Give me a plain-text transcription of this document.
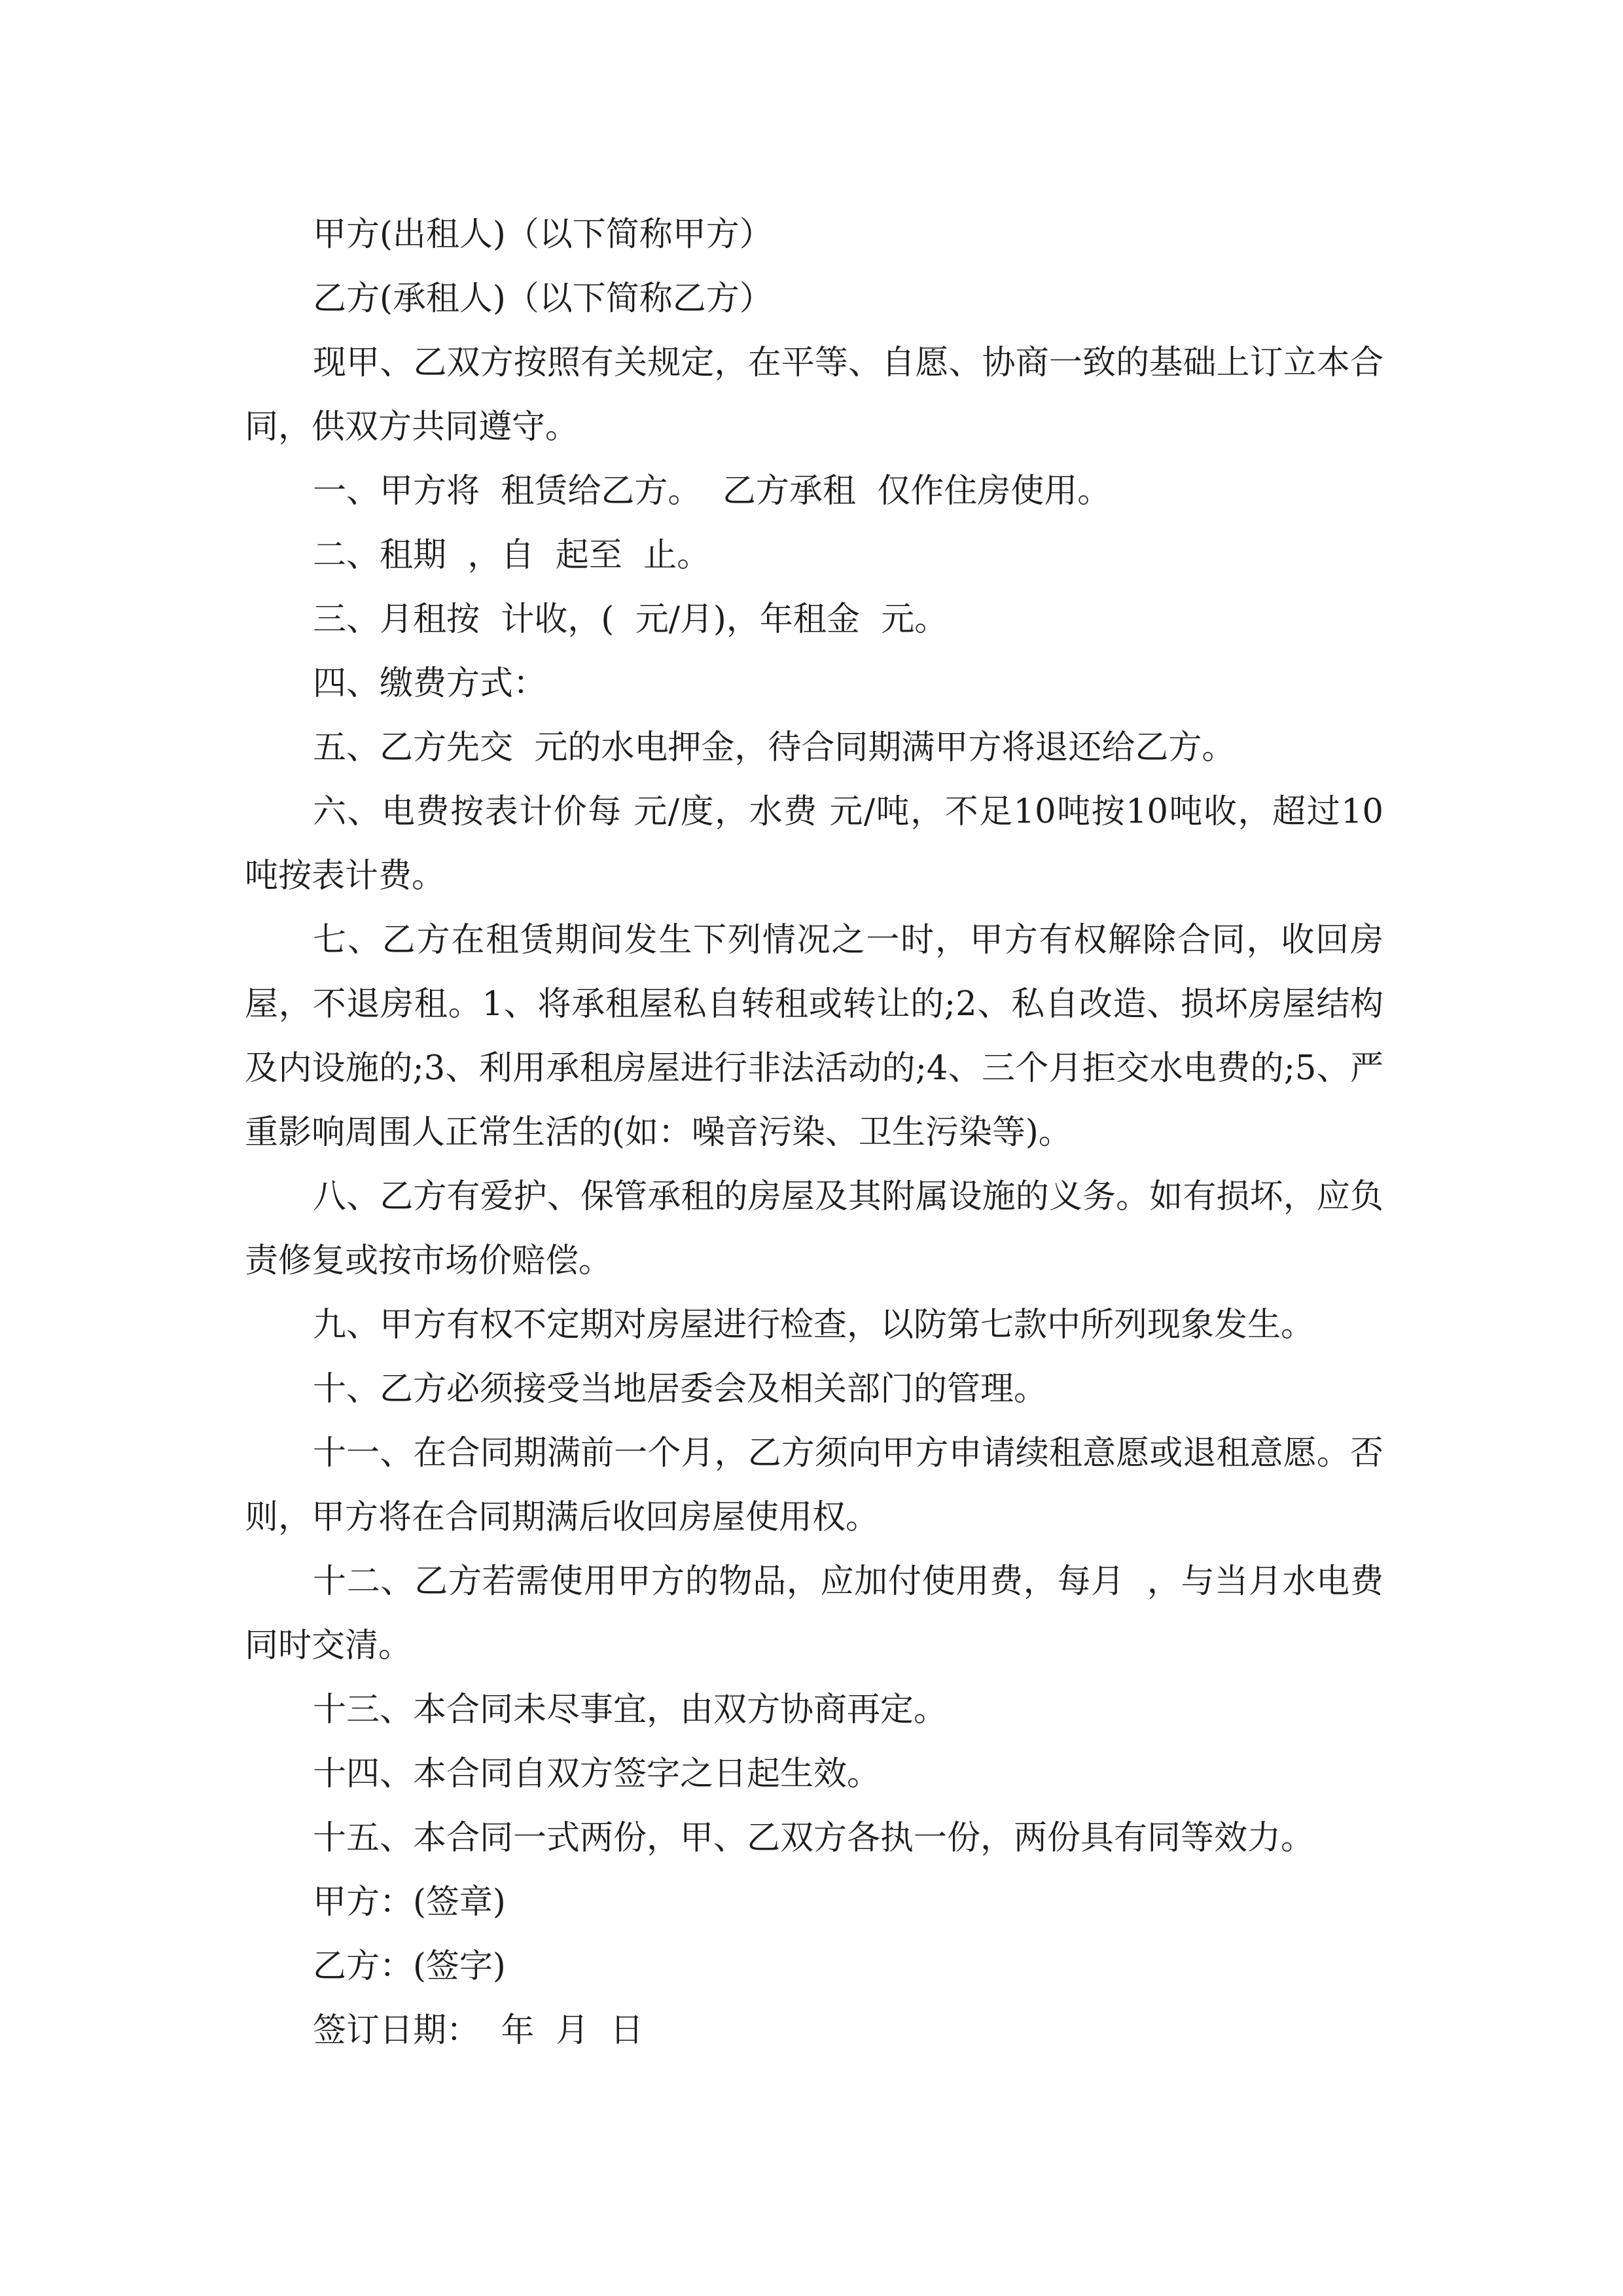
甲方(出租人)（以下简称甲方）

乙方(承租人)（以下简称乙方）

现甲、乙双方按照有关规定，在平等、自愿、协商一致的基础上订立本合同，供双方共同遵守。

一、甲方将  租赁给乙方。  乙方承租  仅作住房使用。

二、租期  ，自  起至  止。

三、月租按  计收，(  元/月)，年租金  元。

四、缴费方式：

五、乙方先交  元的水电押金，待合同期满甲方将退还给乙方。

六、电费按表计价每 元/度，水费 元/吨，不足10吨按10吨收，超过10吨按表计费。

七、乙方在租赁期间发生下列情况之一时，甲方有权解除合同，收回房屋，不退房租。1、将承租屋私自转租或转让的;2、私自改造、损坏房屋结构及内设施的;3、利用承租房屋进行非法活动的;4、三个月拒交水电费的;5、严重影响周围人正常生活的(如：噪音污染、卫生污染等)。

八、乙方有爱护、保管承租的房屋及其附属设施的义务。如有损坏，应负责修复或按市场价赔偿。

九、甲方有权不定期对房屋进行检查，以防第七款中所列现象发生。

十、乙方必须接受当地居委会及相关部门的管理。

十一、在合同期满前一个月，乙方须向甲方申请续租意愿或退租意愿。否则，甲方将在合同期满后收回房屋使用权。

十二、乙方若需使用甲方的物品，应加付使用费，每月  ，与当月水电费同时交清。

十三、本合同未尽事宜，由双方协商再定。

十四、本合同自双方签字之日起生效。

十五、本合同一式两份，甲、乙双方各执一份，两份具有同等效力。

甲方：(签章)

乙方：(签字)

签订日期：  年  月  日
